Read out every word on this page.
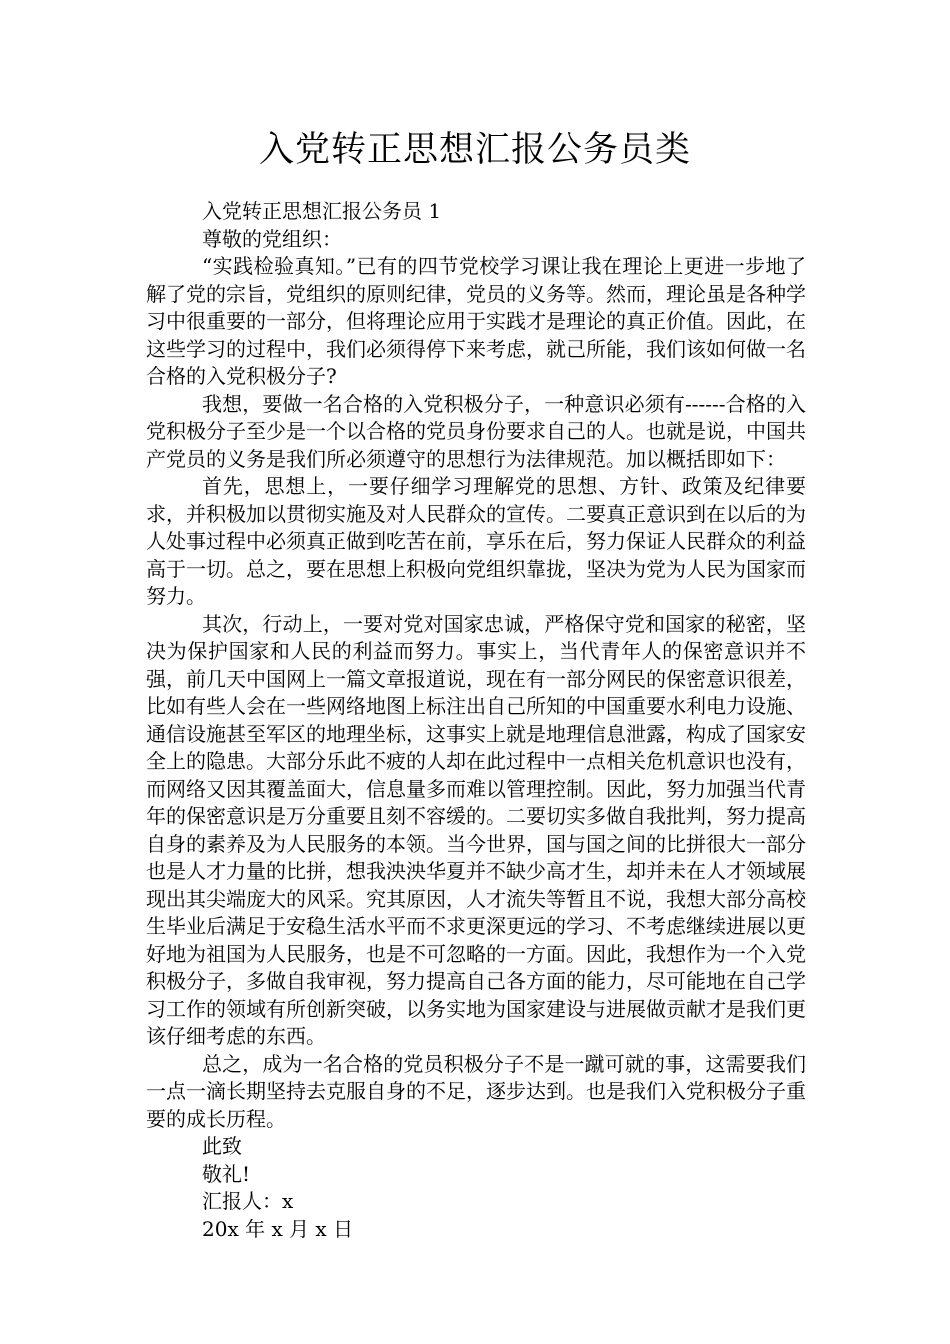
入党转正思想汇报公务员类

入党转正思想汇报公务员 1

尊敬的党组织：

“实践检验真知。”已有的四节党校学习课让我在理论上更进一步地了解了党的宗旨，党组织的原则纪律，党员的义务等。然而，理论虽是各种学习中很重要的一部分，但将理论应用于实践才是理论的真正价值。因此，在这些学习的过程中，我们必须得停下来考虑，就己所能，我们该如何做一名合格的入党积极分子?

我想，要做一名合格的入党积极分子，一种意识必须有------合格的入党积极分子至少是一个以合格的党员身份要求自己的人。也就是说，中国共产党员的义务是我们所必须遵守的思想行为法律规范。加以概括即如下：

首先，思想上，一要仔细学习理解党的思想、方针、政策及纪律要求，并积极加以贯彻实施及对人民群众的宣传。二要真正意识到在以后的为人处事过程中必须真正做到吃苦在前，享乐在后，努力保证人民群众的利益高于一切。总之，要在思想上积极向党组织靠拢，坚决为党为人民为国家而努力。

其次，行动上，一要对党对国家忠诚，严格保守党和国家的秘密，坚决为保护国家和人民的利益而努力。事实上，当代青年人的保密意识并不强，前几天中国网上一篇文章报道说，现在有一部分网民的保密意识很差，比如有些人会在一些网络地图上标注出自己所知的中国重要水利电力设施、通信设施甚至军区的地理坐标，这事实上就是地理信息泄露，构成了国家安全上的隐患。大部分乐此不疲的人却在此过程中一点相关危机意识也没有，而网络又因其覆盖面大，信息量多而难以管理控制。因此，努力加强当代青年的保密意识是万分重要且刻不容缓的。二要切实多做自我批判，努力提高自身的素养及为人民服务的本领。当今世界，国与国之间的比拼很大一部分也是人才力量的比拼，想我泱泱华夏并不缺少高才生，却并未在人才领域展现出其尖端庞大的风采。究其原因，人才流失等暂且不说，我想大部分高校生毕业后满足于安稳生活水平而不求更深更远的学习、不考虑继续进展以更好地为祖国为人民服务，也是不可忽略的一方面。因此，我想作为一个入党积极分子，多做自我审视，努力提高自己各方面的能力，尽可能地在自己学习工作的领域有所创新突破，以务实地为国家建设与进展做贡献才是我们更该仔细考虑的东西。

总之，成为一名合格的党员积极分子不是一蹴可就的事，这需要我们一点一滴长期坚持去克服自身的不足，逐步达到。也是我们入党积极分子重要的成长历程。

此致

敬礼!

汇报人：x

20x 年 x 月 x 日
